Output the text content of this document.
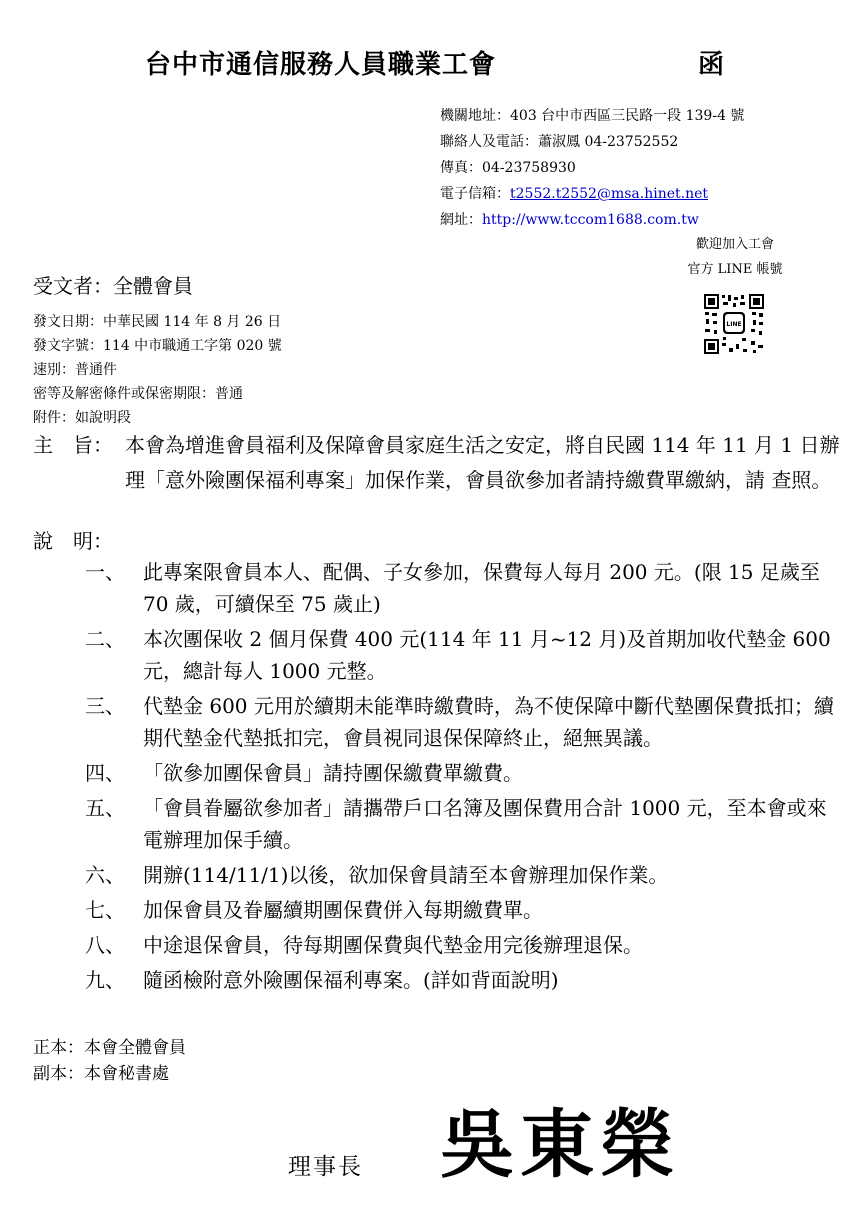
台中市通信服務人員職業工會	函
機關地址：403 台中市西區三民路一段 139-4 號
聯絡人及電話：蕭淑鳳 04-23752552
傳真：04-23758930
電子信箱：t2552.t2552@msa.hinet.net
網址：http://www.tccom1688.com.tw
歡迎加入工會
官方 LINE 帳號
LINE
受文者：全體會員
發文日期：中華民國 114 年 8 月 26 日
發文字號：114 中市職通工字第 020 號
速別：普通件
密等及解密條件或保密期限：普通
附件：如說明段
主　旨： 本會為增進會員福利及保障會員家庭生活之安定，將自民國 114 年 11 月 1 日辦理「意外險團保福利專案」加保作業，會員欲參加者請持繳費單繳納，請 查照。
說　明：
一、 此專案限會員本人、配偶、子女參加，保費每人每月 200 元。(限 15 足歲至 70 歲，可續保至 75 歲止)
二、 本次團保收 2 個月保費 400 元(114 年 11 月~12 月)及首期加收代墊金 600 元，總計每人 1000 元整。
三、 代墊金 600 元用於續期未能準時繳費時，為不使保障中斷代墊團保費抵扣；續期代墊金代墊抵扣完，會員視同退保保障終止，絕無異議。
四、 「欲參加團保會員」請持團保繳費單繳費。
五、 「會員眷屬欲參加者」請攜帶戶口名簿及團保費用合計 1000 元，至本會或來電辦理加保手續。
六、 開辦(114/11/1)以後，欲加保會員請至本會辦理加保作業。
七、 加保會員及眷屬續期團保費併入每期繳費單。
八、 中途退保會員，待每期團保費與代墊金用完後辦理退保。
九、 隨函檢附意外險團保福利專案。(詳如背面說明)
正本：本會全體會員
副本：本會秘書處
理事長 吳東榮
